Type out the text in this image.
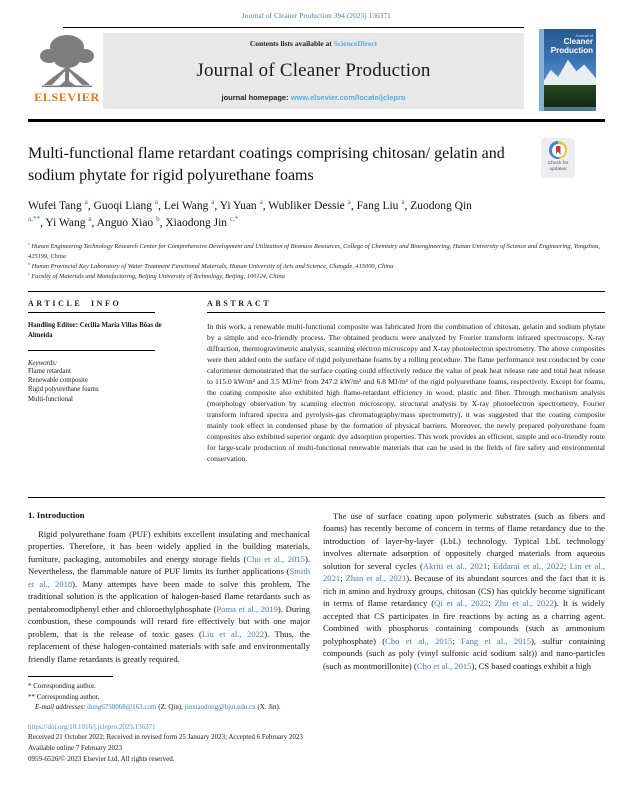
Journal of Cleaner Production 394 (2023) 136371
ELSEVIER
Contents lists available at ScienceDirect
Journal of Cleaner Production
journal homepage: www.elsevier.com/locate/jclepro
Journal of
Cleaner
Production
Multi-functional flame retardant coatings comprising chitosan/ gelatin and sodium phytate for rigid polyurethane foams
Check for
updates
Wufei Tang $^a$, Guoqi Liang $^a$, Lei Wang $^a$, Yi Yuan $^a$, Wubliker Dessie $^a$, Fang Liu $^a$, Zuodong Qin $^{a,**}$, Yi Wang $^a$, Anguo Xiao $^b$, Xiaodong Jin $^{c,*}$
$^a$ Hunan Engineering Technology Research Center for Comprehensive Development and Utilization of Biomass Resources, College of Chemistry and Bioengineering, Hunan University of Science and Engineering, Yongzhou, 425199, China
$^b$ Hunan Provincial Key Laboratory of Water Treatment Functional Materials, Hunan University of Arts and Science, Changde, 415000, China
$^c$ Faculty of Materials and Manufacturing, Beijing University of Technology, Beijing, 100124, China
ARTICLE INFO
Handling Editor: Cecilia Maria Villas Bôas de Almeida
Keywords:
Flame retardant
Renewable composite
Rigid polyurethane foams
Multi-functional
ABSTRACT
In this work, a renewable multi-functional composite was fabricated from the combination of chitosan, gelatin and sodium phytate by a simple and eco-friendly process. The obtained products were analyzed by Fourier transform infrared spectroscopy, X-ray diffraction, thermogravimetric analysis, scanning electron microscopy and X-ray photoelectron spectrometry. The above composites were then added onto the surface of rigid polyurethane foams by a rolling procedure. The flame performance test conducted by cone calorimeter demonstrated that the surface coating could effectively reduce the value of peak heat release rate and total heat release to 115.0 kW/m² and 3.5 MJ/m² from 247.2 kW/m² and 6.8 MJ/m² of the rigid polyurethane foams, respectively. Except for foams, the coating composite also exhibited high flame-retardant efficiency in wood, plastic and fiber. Through mechanism analysis (morphology observation by scanning electron microscopy, structural analysis by X-ray photoelectron spectrometry, Fourier transform infrared spectra and pyrolysis-gas chromatography/mass spectrometry), it was suggested that the coating composite mainly took effect in condensed phase by the formation of physical barriers. Moreover, the newly prepared polyurethane foam composites also exhibited superior organic dye adsorption properties. This work provides an efficient, simple and eco-friendly route for large-scale production of multi-functional renewable materials that can be used in the fields of fire safety and environmental conservation.
1. Introduction

Rigid polyurethane foam (PUF) exhibits excellent insulating and mechanical properties. Therefore, it has been widely applied in the building materials, furniture, packaging, automobiles and energy storage fields (Cho et al., 2015). Nevertheless, the flammable nature of PUF limits its further applications (Smith et al., 2018). Many attempts have been made to solve this problem. The traditional solution is the application of halogen-based flame retardants such as pentabromodiphenyl ether and chloroethylphosphate (Poma et al., 2019). During combustion, these compounds will retard fire effectively but with one major problem, that is the release of toxic gases (Liu et al., 2022). Thus, the replacement of these halogen-contained materials with safe and environmentally friendly flame retardants is greatly required.

* Corresponding author.
** Corresponding author.
E-mail addresses: dong6758068@163.com (Z. Qin), jinxiaodong@bjut.edu.cn (X. Jin).

The use of surface coating upon polymeric substrates (such as fibers and foams) has recently become of concern in terms of flame retardancy due to the introduction of layer-by-layer (LbL) technology. Typical LbL technology involves alternate adsorption of oppositely charged materials from aqueous solution for several cycles (Akriti et al., 2021; Eddarai et al., 2022; Lin et al., 2021; Zhan et al., 2021). Because of its abundant sources and the fact that it is rich in amino and hydroxy groups, chitosan (CS) has quickly become significant in terms of flame retardancy (Qi et al., 2022; Zhu et al., 2022). It is widely accepted that CS participates in fire reactions by acting as a charring agent. Combined with phosphorus containing compounds (such as ammonium polyphosphate) (Cho et al., 2015; Fang et al., 2015), sulfur containing compounds (such as poly (vinyl sulfonic acid sodium salt)) and nano-particles (such as montmorillonite) (Cho et al., 2015), CS based coatings exhibit a high

https://doi.org/10.1016/j.jclepro.2023.136371
Received 21 October 2022; Received in revised form 25 January 2023; Accepted 6 February 2023
Available online 7 February 2023
0959-6526/© 2023 Elsevier Ltd. All rights reserved.
